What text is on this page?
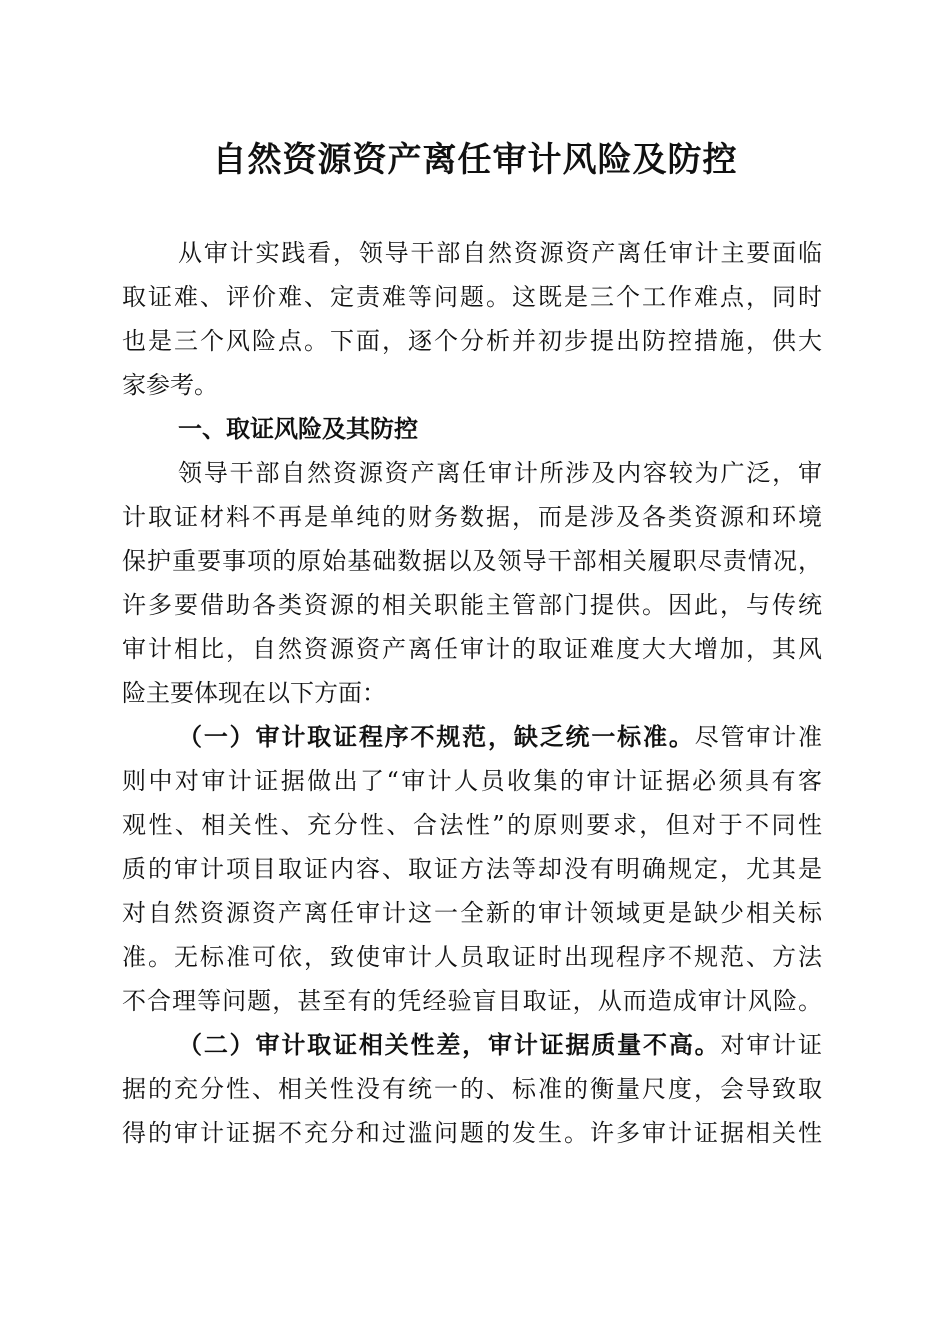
自然资源资产离任审计风险及防控
从审计实践看，领导干部自然资源资产离任审计主要面临
取证难、评价难、定责难等问题。这既是三个工作难点，同时
也是三个风险点。下面，逐个分析并初步提出防控措施，供大
家参考。
一、取证风险及其防控
领导干部自然资源资产离任审计所涉及内容较为广泛，审
计取证材料不再是单纯的财务数据，而是涉及各类资源和环境
保护重要事项的原始基础数据以及领导干部相关履职尽责情况，
许多要借助各类资源的相关职能主管部门提供。因此，与传统
审计相比，自然资源资产离任审计的取证难度大大增加，其风
险主要体现在以下方面：
（一）审计取证程序不规范，缺乏统一标准。尽管审计准
则中对审计证据做出了“审计人员收集的审计证据必须具有客
观性、相关性、充分性、合法性”的原则要求，但对于不同性
质的审计项目取证内容、取证方法等却没有明确规定，尤其是
对自然资源资产离任审计这一全新的审计领域更是缺少相关标
准。无标准可依，致使审计人员取证时出现程序不规范、方法
不合理等问题，甚至有的凭经验盲目取证，从而造成审计风险。
（二）审计取证相关性差，审计证据质量不高。对审计证
据的充分性、相关性没有统一的、标准的衡量尺度，会导致取
得的审计证据不充分和过滥问题的发生。许多审计证据相关性
